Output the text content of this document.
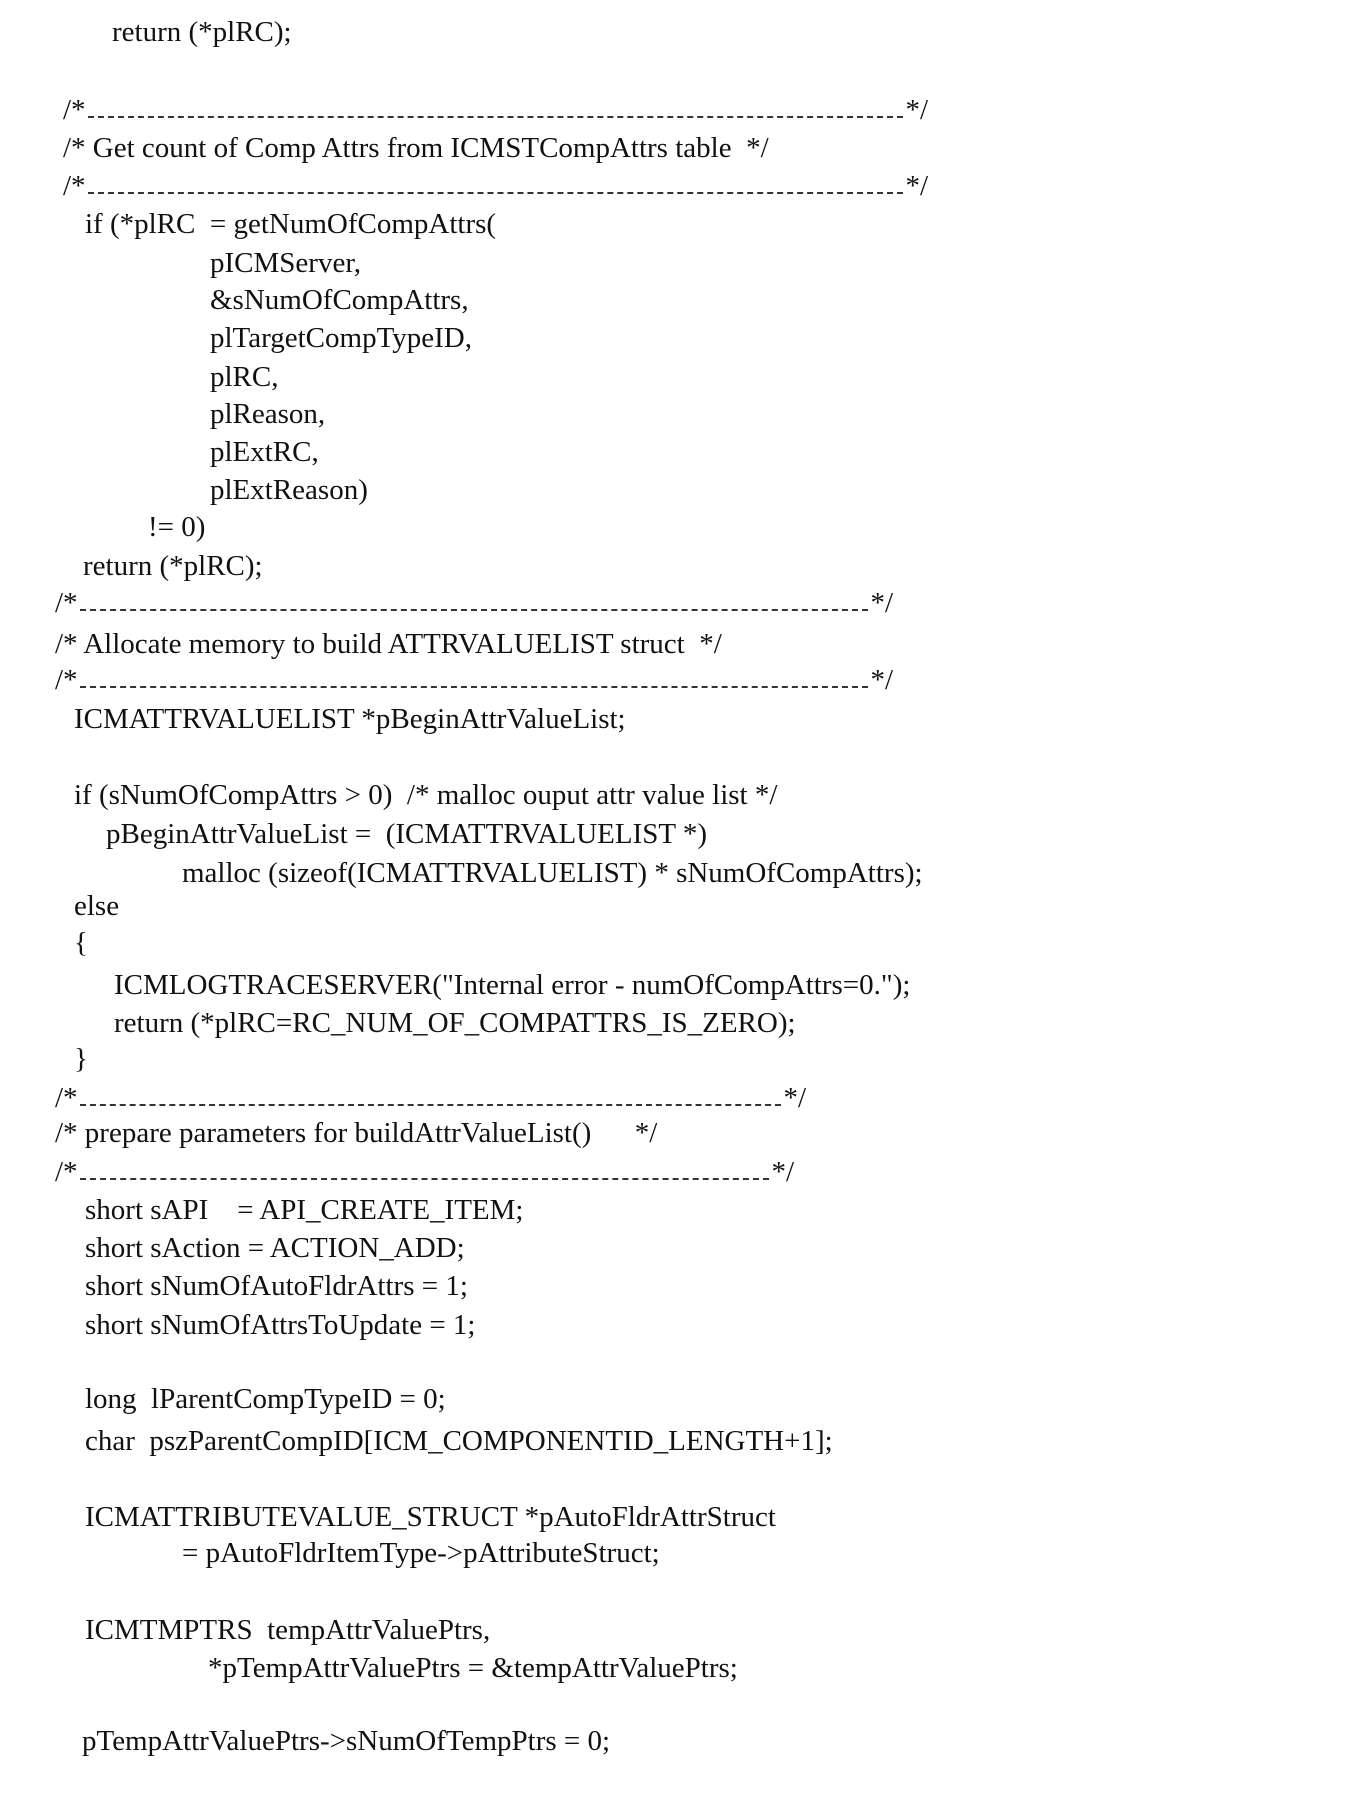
return (*plRC);
/*	*/
/* Get count of Comp Attrs from ICMSTCompAttrs table  */
/*	*/
if (*plRC  = getNumOfCompAttrs(
pICMServer,
&sNumOfCompAttrs,
plTargetCompTypeID,
plRC,
plReason,
plExtRC,
plExtReason)
!= 0)
return (*plRC);
/*	*/
/* Allocate memory to build ATTRVALUELIST struct  */
/*	*/
ICMATTRVALUELIST *pBeginAttrValueList;
if (sNumOfCompAttrs > 0)  /* malloc ouput attr value list */
pBeginAttrValueList =  (ICMATTRVALUELIST *)
malloc (sizeof(ICMATTRVALUELIST) * sNumOfCompAttrs);
else
{
ICMLOGTRACESERVER("Internal error - numOfCompAttrs=0.");
return (*plRC=RC_NUM_OF_COMPATTRS_IS_ZERO);
}
/*	*/
/* prepare parameters for buildAttrValueList()      */
/*	*/
short sAPI    = API_CREATE_ITEM;
short sAction = ACTION_ADD;
short sNumOfAutoFldrAttrs = 1;
short sNumOfAttrsToUpdate = 1;
long  lParentCompTypeID = 0;
char  pszParentCompID[ICM_COMPONENTID_LENGTH+1];
ICMATTRIBUTEVALUE_STRUCT *pAutoFldrAttrStruct
= pAutoFldrItemType->pAttributeStruct;
ICMTMPTRS  tempAttrValuePtrs,
*pTempAttrValuePtrs = &tempAttrValuePtrs;
pTempAttrValuePtrs->sNumOfTempPtrs = 0;
